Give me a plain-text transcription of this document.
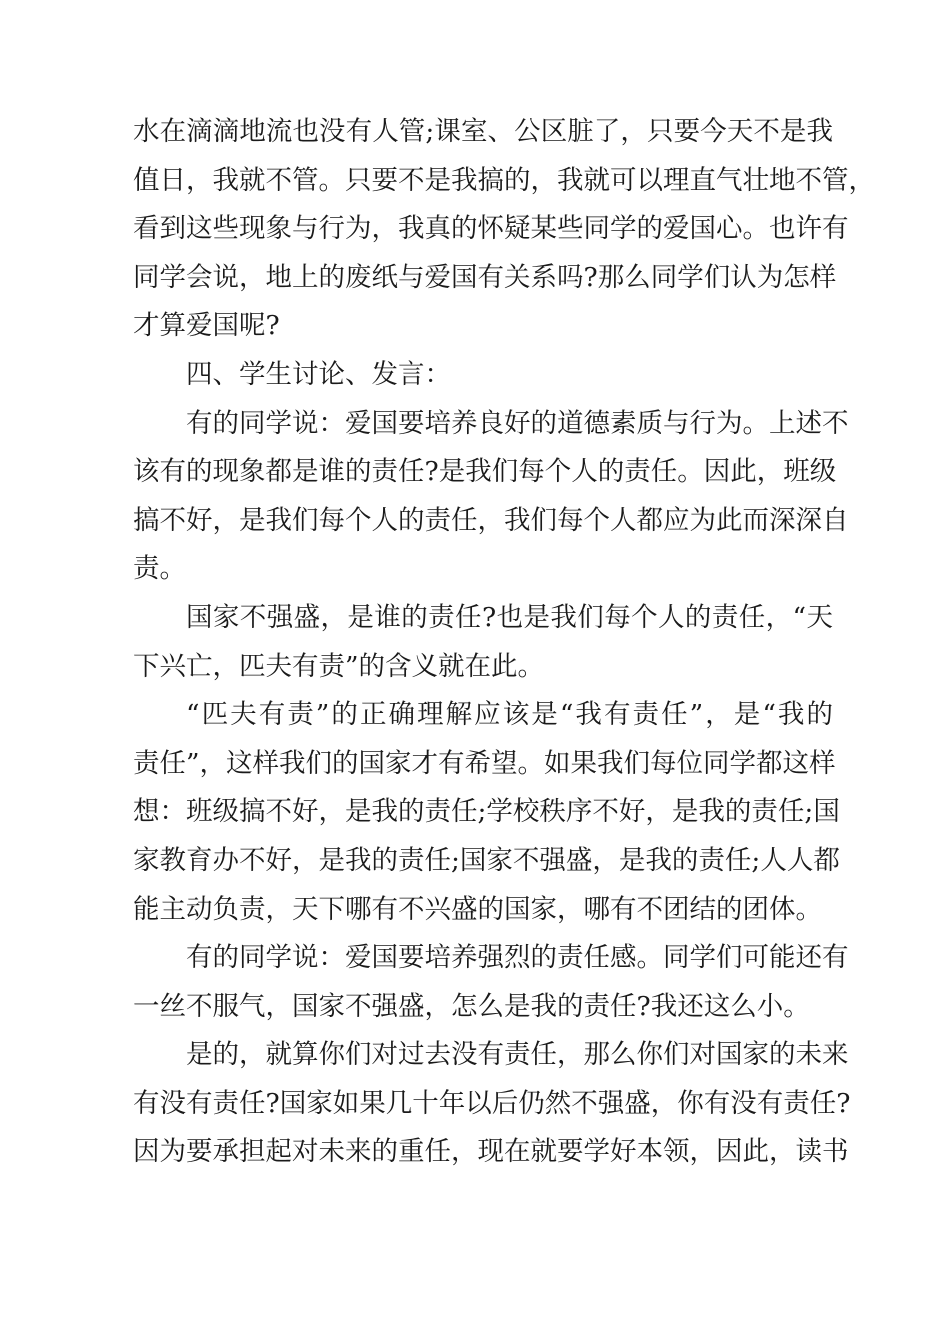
水在滴滴地流也没有人管;课室、公区脏了，只要今天不是我
值日，我就不管。只要不是我搞的，我就可以理直气壮地不管，
看到这些现象与行为，我真的怀疑某些同学的爱国心。也许有
同学会说，地上的废纸与爱国有关系吗?那么同学们认为怎样
才算爱国呢?
四、学生讨论、发言：
有的同学说：爱国要培养良好的道德素质与行为。上述不
该有的现象都是谁的责任?是我们每个人的责任。因此，班级
搞不好，是我们每个人的责任，我们每个人都应为此而深深自
责。
国家不强盛，是谁的责任?也是我们每个人的责任，“天
下兴亡，匹夫有责”的含义就在此。
“匹夫有责”的正确理解应该是“我有责任”，是“我的
责任”，这样我们的国家才有希望。如果我们每位同学都这样
想：班级搞不好，是我的责任;学校秩序不好，是我的责任;国
家教育办不好，是我的责任;国家不强盛，是我的责任;人人都
能主动负责，天下哪有不兴盛的国家，哪有不团结的团体。
有的同学说：爱国要培养强烈的责任感。同学们可能还有
一丝不服气，国家不强盛，怎么是我的责任?我还这么小。
是的，就算你们对过去没有责任，那么你们对国家的未来
有没有责任?国家如果几十年以后仍然不强盛，你有没有责任?
因为要承担起对未来的重任，现在就要学好本领，因此，读书
